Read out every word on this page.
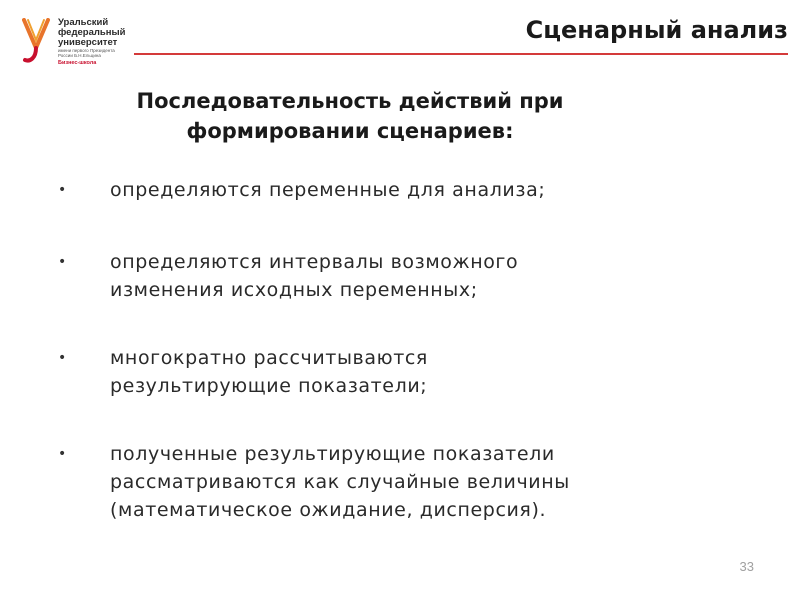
Уральский
федеральный
университет
имени первого Президента
России Б.Н.Ельцина
Бизнес-школа
Сценарный анализ
Последовательность действий при
формировании сценариев:
• определяются переменные для анализа;
• определяются интервалы возможного
изменения исходных переменных;
• многократно рассчитываются
результирующие показатели;
• полученные результирующие показатели
рассматриваются как случайные величины
(математическое ожидание, дисперсия).
33
